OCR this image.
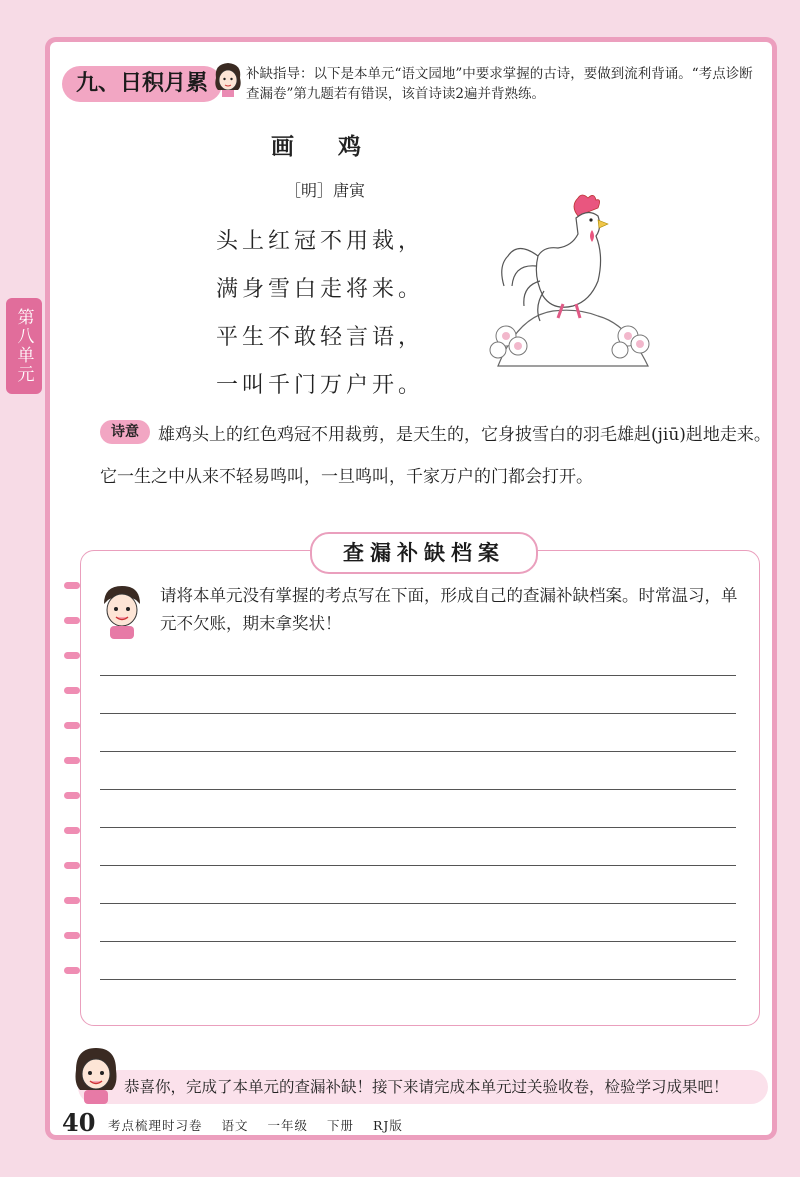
第八单元
九、日积月累	补缺指导：以下是本单元“语文园地”中要求掌握的古诗，要做到流利背诵。“考点诊断查漏卷”第九题若有错误，该首诗读2遍并背熟练。
画 鸡
［明］唐寅
头上红冠不用裁，
满身雪白走将来。
平生不敢轻言语，
一叫千门万户开。
诗意	雄鸡头上的红色鸡冠不用裁剪，是天生的，它身披雪白的羽毛雄赳(jiū)赳地走来。它一生之中从来不轻易鸣叫，一旦鸣叫，千家万户的门都会打开。
查漏补缺档案
请将本单元没有掌握的考点写在下面，形成自己的查漏补缺档案。时常温习，单元不欠账，期末拿奖状！
恭喜你，完成了本单元的查漏补缺！接下来请完成本单元过关验收卷，检验学习成果吧！
40 考点梳理时习卷 语文 一年级 下册 RJ版
